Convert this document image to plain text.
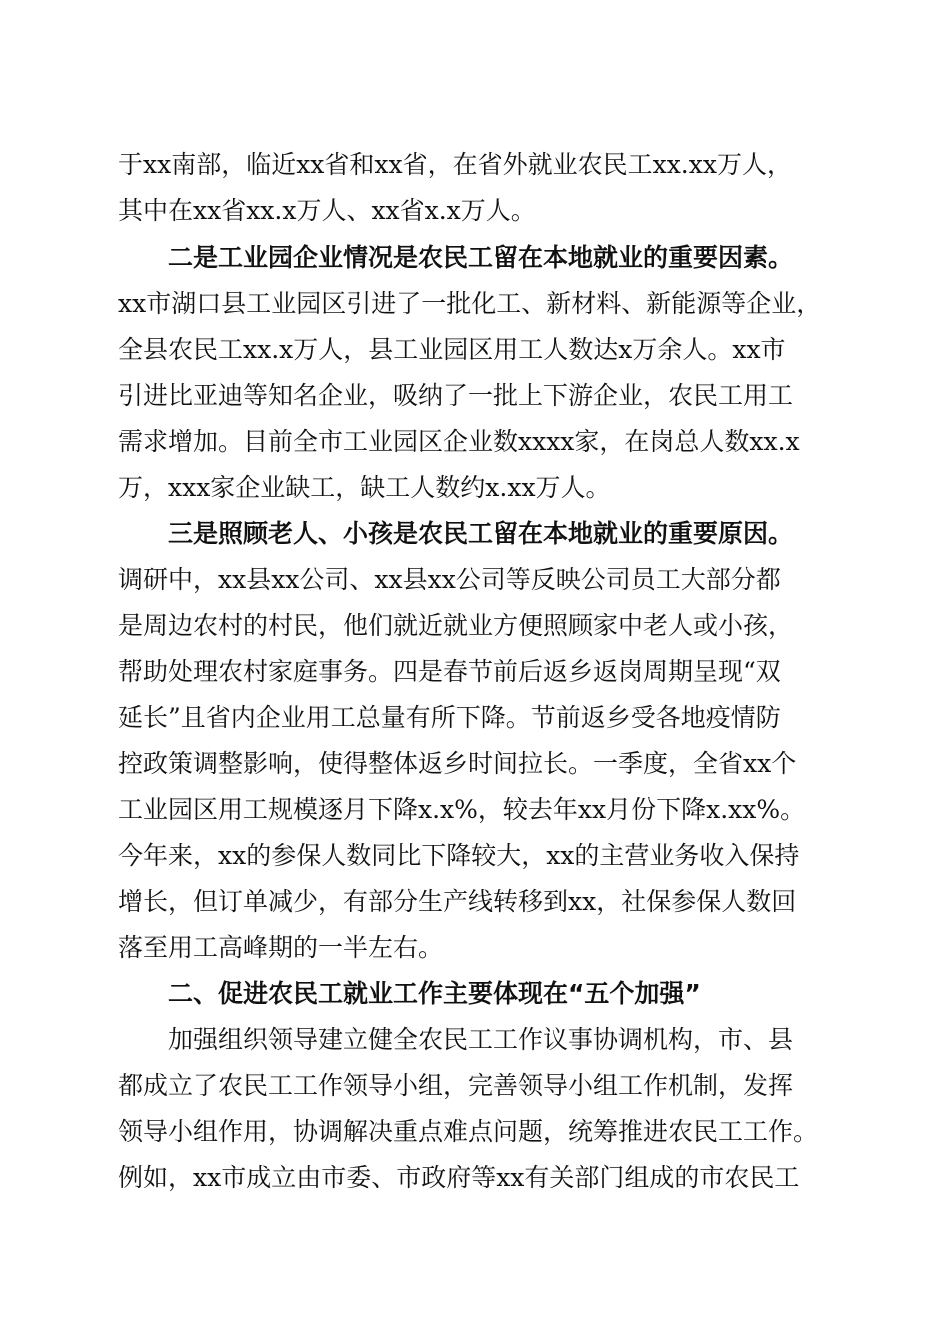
于xx南部，临近xx省和xx省，在省外就业农民工xx.xx万人，
其中在xx省xx.x万人、xx省x.x万人。
二是工业园企业情况是农民工留在本地就业的重要因素。
xx市湖口县工业园区引进了一批化工、新材料、新能源等企业，
全县农民工xx.x万人，县工业园区用工人数达x万余人。xx市
引进比亚迪等知名企业，吸纳了一批上下游企业，农民工用工
需求增加。目前全市工业园区企业数xxxx家，在岗总人数xx.x
万，xxx家企业缺工，缺工人数约x.xx万人。
三是照顾老人、小孩是农民工留在本地就业的重要原因。
调研中，xx县xx公司、xx县xx公司等反映公司员工大部分都
是周边农村的村民，他们就近就业方便照顾家中老人或小孩，
帮助处理农村家庭事务。四是春节前后返乡返岗周期呈现“双
延长”且省内企业用工总量有所下降。节前返乡受各地疫情防
控政策调整影响，使得整体返乡时间拉长。一季度，全省xx个
工业园区用工规模逐月下降x.x%，较去年xx月份下降x.xx%。
今年来，xx的参保人数同比下降较大，xx的主营业务收入保持
增长，但订单减少，有部分生产线转移到xx，社保参保人数回
落至用工高峰期的一半左右。
二、促进农民工就业工作主要体现在“五个加强”
加强组织领导建立健全农民工工作议事协调机构，市、县
都成立了农民工工作领导小组，完善领导小组工作机制，发挥
领导小组作用，协调解决重点难点问题，统筹推进农民工工作。
例如，xx市成立由市委、市政府等xx有关部门组成的市农民工
